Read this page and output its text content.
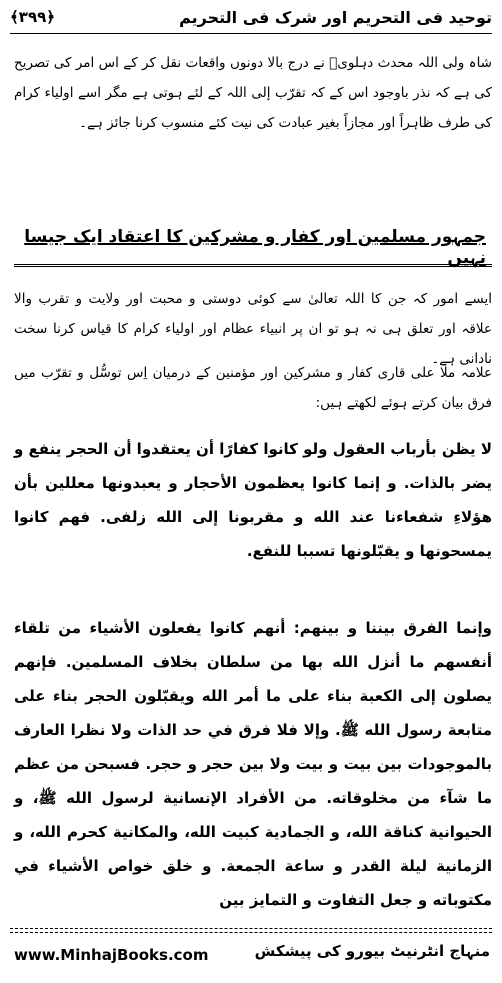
توحید فی التحریم اور شرک فی التحریم
﴾۳۹۹﴿
شاہ ولی اللہ محدث دہلویؒ نے درج بالا دونوں واقعات نقل کر کے اس امر کی تصریح کی ہے کہ نذر باوجود اس کے کہ تقرّب إلی اللہ کے لئے ہوتی ہے مگر اسے اولیاء کرام کی طرف ظاہراً اور مجازاً بغیر عبادت کی نیت کئے منسوب کرنا جائز ہے۔
جمہور مسلمین اور کفار و مشرکین کا اعتقاد ایک جیسا نہیں
ایسے امور کہ جن کا اللہ تعالیٰ سے کوئی دوستی و محبت اور ولایت و تقرب والا علاقہ اور تعلق ہی نہ ہو تو ان پر انبیاء عظام اور اولیاء کرام کا قیاس کرنا سخت نادانی ہے۔
علامہ ملا علی قاری کفار و مشرکین اور مؤمنین کے درمیان اِس توسُّل و تقرّب میں فرق بیان کرتے ہوئے لکھتے ہیں:
لا يظن بأرباب العقول ولو كانوا كفارًا أن يعتقدوا أن الحجر ينفع و يضر بالذات. و إنما كانوا يعظمون الأحجار و يعبدونها معللين بأن هؤلاءِ شفعاءنا عند الله و مقربونا إلى الله زلفى. فهم كانوا يمسحونها و يقبّلونها تسببا للنفع.
وإنما الفرق بيننا و بينهم: أنهم كانوا يفعلون الأشياء من تلقاء أنفسهم ما أنزل الله بها من سلطان بخلاف المسلمين. فإنهم يصلون إلى الكعبة بناء على ما أمر الله ويقبّلون الحجر بناء على متابعة رسول الله ﷺ. وإلا فلا فرق في حد الذات ولا نظرا العارف بالموجودات بين بيت و بيت ولا بين حجر و حجر. فسبحن من عظم ما شآء من مخلوقاته. من الأفراد الإنسانية لرسول الله ﷺ، و الحيوانية كناقة الله، و الجمادية كبيت الله، والمكانية كحرم الله، و الزمانية ليلة القدر و ساعة الجمعة. و خلق خواص الأشياء في مكتوباته و جعل التفاوت و التمايز بين
www.MinhajBooks.com	منہاج انٹرنیٹ بیورو کی پیشکش
